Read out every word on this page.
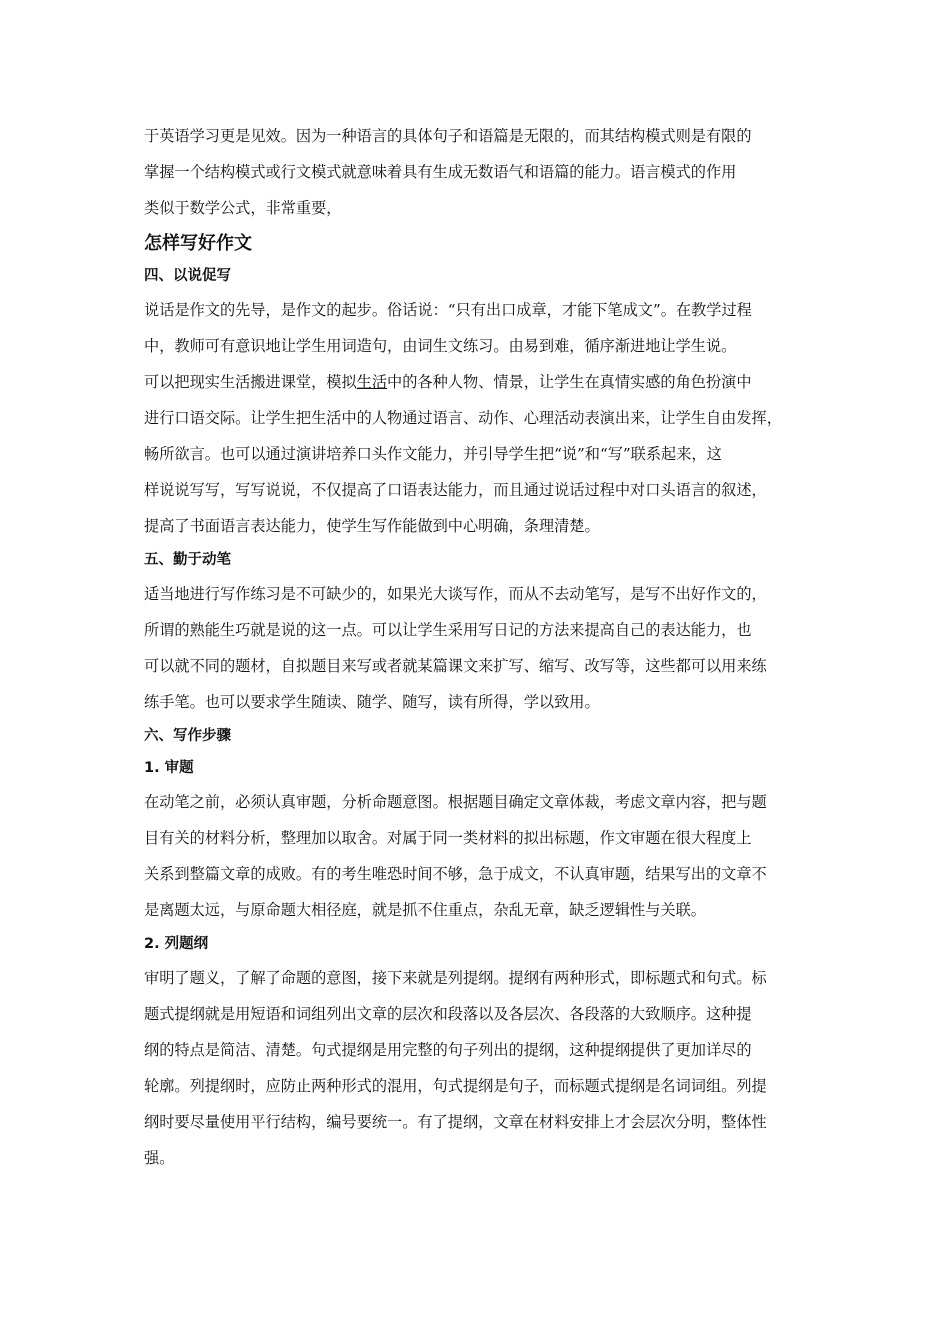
于英语学习更是见效。因为一种语言的具体句子和语篇是无限的，而其结构模式则是有限的

掌握一个结构模式或行文模式就意味着具有生成无数语气和语篇的能力。语言模式的作用

类似于数学公式，非常重要，

怎样写好作文
四、以说促写

说话是作文的先导，是作文的起步。俗话说：“只有出口成章，才能下笔成文”。在教学过程

中，教师可有意识地让学生用词造句，由词生文练习。由易到难，循序渐进地让学生说。

可以把现实生活搬进课堂，模拟生活中的各种人物、情景，让学生在真情实感的角色扮演中

进行口语交际。让学生把生活中的人物通过语言、动作、心理活动表演出来，让学生自由发挥，

畅所欲言。也可以通过演讲培养口头作文能力，并引导学生把“说”和“写”联系起来，这

样说说写写，写写说说，不仅提高了口语表达能力，而且通过说话过程中对口头语言的叙述，

提高了书面语言表达能力，使学生写作能做到中心明确，条理清楚。

五、勤于动笔

适当地进行写作练习是不可缺少的，如果光大谈写作，而从不去动笔写，是写不出好作文的，

所谓的熟能生巧就是说的这一点。可以让学生采用写日记的方法来提高自己的表达能力，也

可以就不同的题材，自拟题目来写或者就某篇课文来扩写、缩写、改写等，这些都可以用来练

练手笔。也可以要求学生随读、随学、随写，读有所得，学以致用。

六、写作步骤
1. 审题

在动笔之前，必须认真审题，分析命题意图。根据题目确定文章体裁，考虑文章内容，把与题

目有关的材料分析，整理加以取舍。对属于同一类材料的拟出标题，作文审题在很大程度上

关系到整篇文章的成败。有的考生唯恐时间不够，急于成文，不认真审题，结果写出的文章不

是离题太远，与原命题大相径庭，就是抓不住重点，杂乱无章，缺乏逻辑性与关联。

2. 列题纲

审明了题义，了解了命题的意图，接下来就是列提纲。提纲有两种形式，即标题式和句式。标

题式提纲就是用短语和词组列出文章的层次和段落以及各层次、各段落的大致顺序。这种提

纲的特点是简洁、清楚。句式提纲是用完整的句子列出的提纲，这种提纲提供了更加详尽的

轮廓。列提纲时，应防止两种形式的混用，句式提纲是句子，而标题式提纲是名词词组。列提

纲时要尽量使用平行结构，编号要统一。有了提纲，文章在材料安排上才会层次分明，整体性

强。
